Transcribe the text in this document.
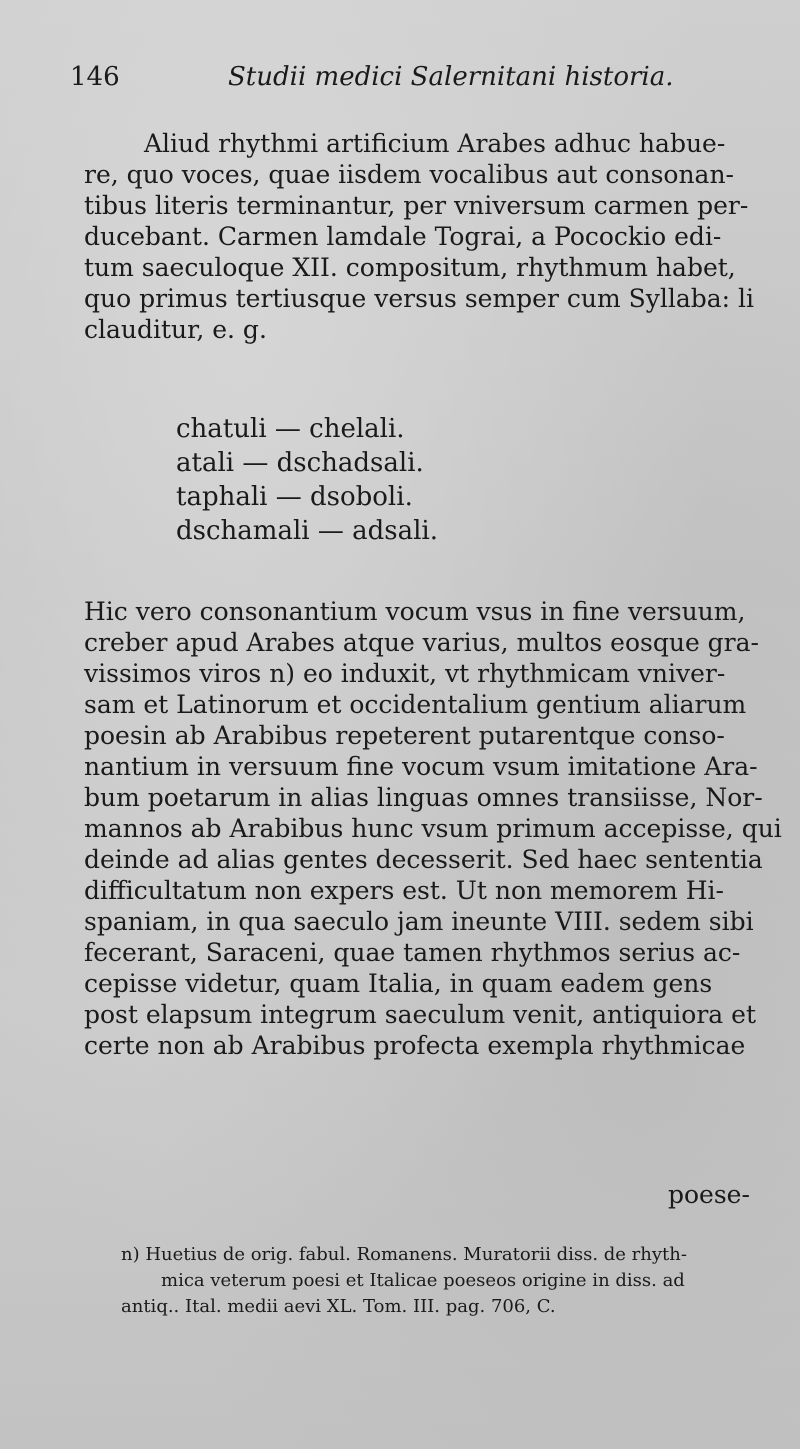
146	Studii medici Salernitani historia.
Aliud rhythmi artificium Arabes adhuc habue-
re, quo voces, quae iisdem vocalibus aut consonan-
tibus literis terminantur, per vniversum carmen per-
ducebant. Carmen lamdale Tograi, a Pocockio edi-
tum saeculoque XII. compositum, rhythmum habet,
quo primus tertiusque versus semper cum Syllaba: li
clauditur, e. g.
chatuli — chelali.
atali — dschadsali.
taphali — dsoboli.
dschamali — adsali.
Hic vero consonantium vocum vsus in fine versuum,
creber apud Arabes atque varius, multos eosque gra-
vissimos viros n) eo induxit, vt rhythmicam vniver-
sam et Latinorum et occidentalium gentium aliarum
poesin ab Arabibus repeterent putarentque conso-
nantium in versuum fine vocum vsum imitatione Ara-
bum poetarum in alias linguas omnes transiisse, Nor-
mannos ab Arabibus hunc vsum primum accepisse, qui
deinde ad alias gentes decesserit. Sed haec sententia
difficultatum non expers est. Ut non memorem Hi-
spaniam, in qua saeculo jam ineunte VIII. sedem sibi
fecerant, Saraceni, quae tamen rhythmos serius ac-
cepisse videtur, quam Italia, in quam eadem gens
post elapsum integrum saeculum venit, antiquiora et
certe non ab Arabibus profecta exempla rhythmicae
poese-
n) Huetius de orig. fabul. Romanens. Muratorii diss. de rhyth-
mica veterum poesi et Italicae poeseos origine in diss. ad
antiq.. Ital. medii aevi XL. Tom. III. pag. 706, C.
